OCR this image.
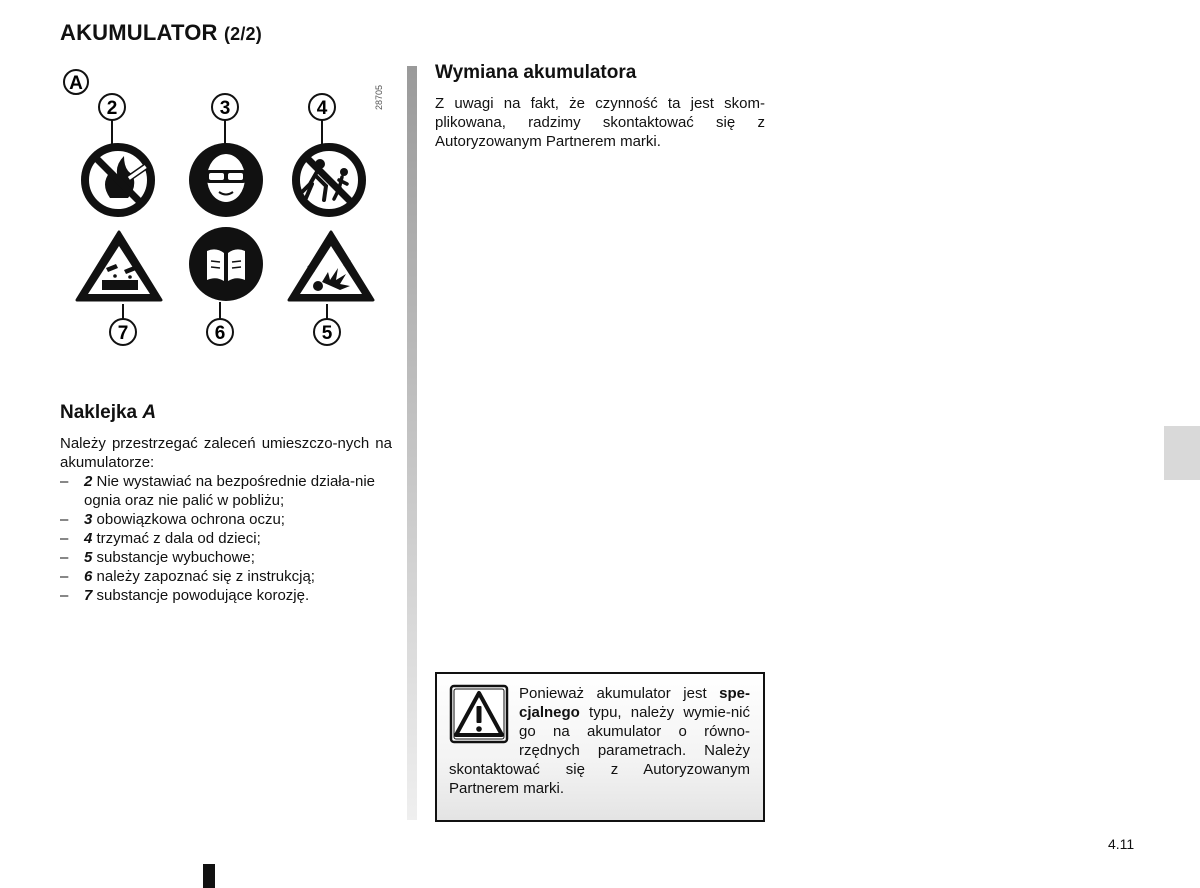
AKUMULATOR (2/2)
A
28705
2	3	4
7	6	5
Naklejka A

Należy przestrzegać zaleceń umieszczo-nych na akumulatorze:

– 2 Nie wystawiać na bezpośrednie działa-nie ognia oraz nie palić w pobliżu;
– 3 obowiązkowa ochrona oczu;
– 4 trzymać z dala od dzieci;
– 5 substancje wybuchowe;
– 6 należy zapoznać się z instrukcją;
– 7 substancje powodujące korozję.
Wymiana akumulatora

Z uwagi na fakt, że czynność ta jest skom-plikowana, radzimy skontaktować się z Autoryzowanym Partnerem marki.

Ponieważ akumulator jest spe-cjalnego typu, należy wymie-nić go na akumulator o równo-rzędnych parametrach. Należy skontaktować się z Autoryzowanym Partnerem marki.

4.11
